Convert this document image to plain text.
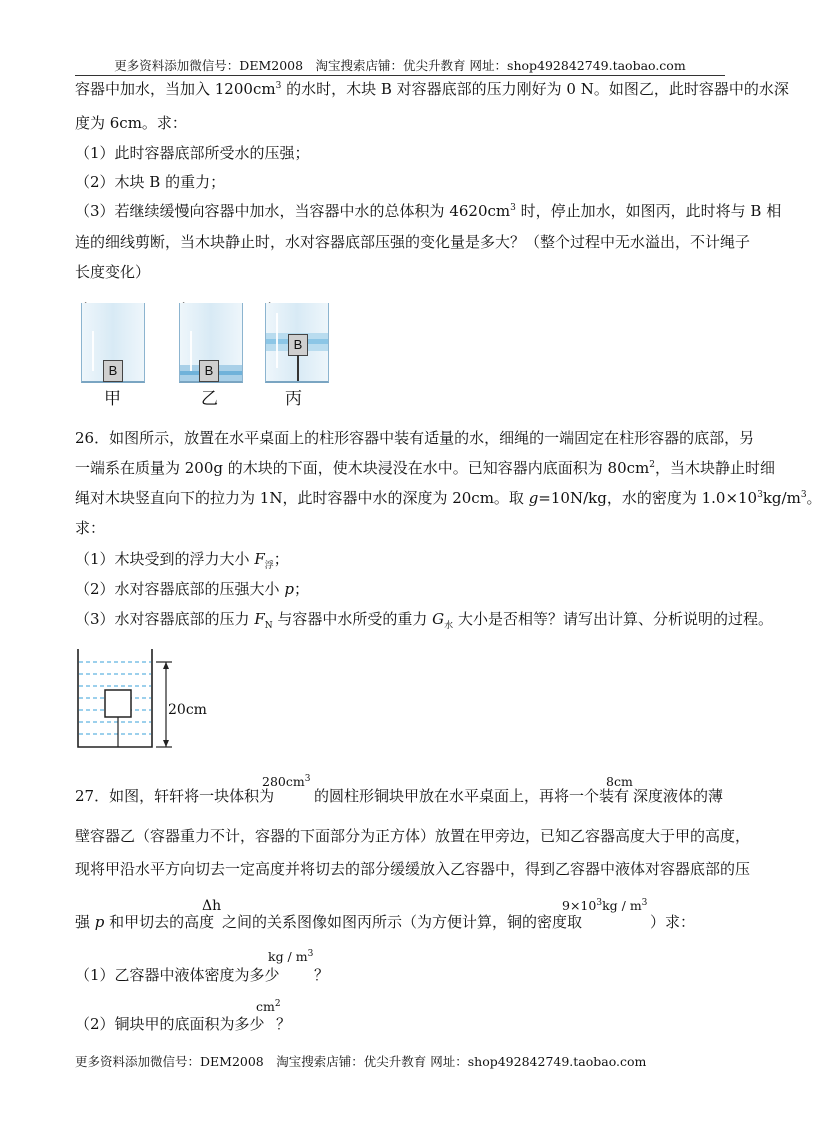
更多资料添加微信号：DEM2008　淘宝搜索店铺：优尖升教育 网址：shop492842749.taobao.com
容器中加水，当加入 $1200cm^3$ 的水时，木块 B 对容器底部的压力刚好为 0 N。如图乙，此时容器中的水深
度为 6cm。求：
（1）此时容器底部所受水的压强；
（2）木块 B 的重力；
（3）若继续缓慢向容器中加水，当容器中水的总体积为 $4620cm^3$ 时，停止加水，如图丙，此时将与 B 相
连的细线剪断，当木块静止时，水对容器底部压强的变化量是多大？（整个过程中无水溢出，不计绳子
长度变化）
B
甲
B
乙
B
丙
26．如图所示，放置在水平桌面上的柱形容器中装有适量的水，细绳的一端固定在柱形容器的底部，另
一端系在质量为 200g 的木块的下面，使木块浸没在水中。已知容器内底面积为 $80cm^2$，当木块静止时细
绳对木块竖直向下的拉力为 1N，此时容器中水的深度为 20cm。取 g=10N/kg，水的密度为 $1.0\times 10^3kg/m^3$。
求：
（1）木块受到的浮力大小 $F_浮$；
（2）水对容器底部的压强大小 p；
（3）水对容器底部的压力 $F_N$ 与容器中水所受的重力 $G_水$ 大小是否相等？请写出计算、分析说明的过程。
20cm
27．如图，轩轩将一块体积为
$280cm^3$
的圆柱形铜块甲放在水平桌面上，再将一个装有
8cm
深度液体的薄
壁容器乙（容器重力不计，容器的下面部分为正方体）放置在甲旁边，已知乙容器高度大于甲的高度，
现将甲沿水平方向切去一定高度并将切去的部分缓缓放入乙容器中，得到乙容器中液体对容器底部的压
强 p 和甲切去的高度
Δh
之间的关系图像如图丙所示（为方便计算，铜的密度取
$9\times 10^3kg / m^3$
）求：
（1）乙容器中液体密度为多少
kg / $m^3$
？
（2）铜块甲的底面积为多少
$cm^2$
？
更多资料添加微信号：DEM2008　淘宝搜索店铺：优尖升教育 网址：shop492842749.taobao.com
